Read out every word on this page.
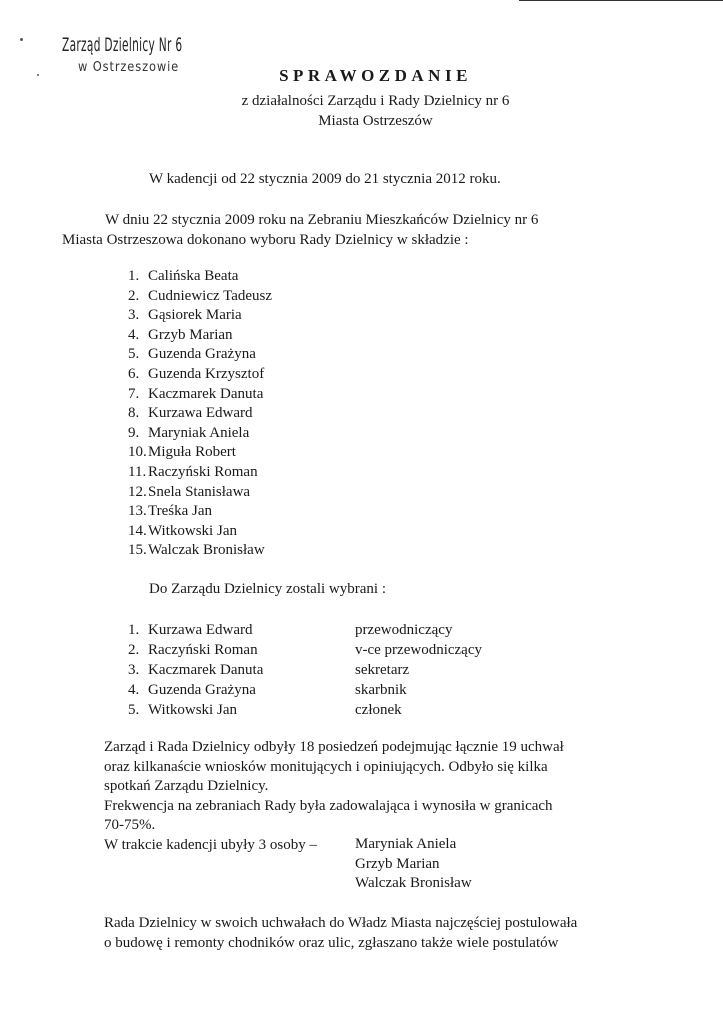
Zarząd Dzielnicy Nr 6
w Ostrzeszowie	SPRAWOZDANIE
z działalności Zarządu i Rady Dzielnicy nr 6
Miasta Ostrzeszów
W kadencji od 22 stycznia 2009 do 21 stycznia 2012 roku.
W dniu 22 stycznia 2009 roku na Zebraniu Mieszkańców Dzielnicy nr 6
Miasta Ostrzeszowa dokonano wyboru Rady Dzielnicy w składzie :
1. Calińska Beata
2. Cudniewicz Tadeusz
3. Gąsiorek Maria
4. Grzyb Marian
5. Guzenda Grażyna
6. Guzenda Krzysztof
7. Kaczmarek Danuta
8. Kurzawa Edward
9. Maryniak Aniela
10.Miguła Robert
11. Raczyński Roman
12.Snela Stanisława
13.Treśka Jan
14.Witkowski Jan
15.Walczak Bronisław
Do Zarządu Dzielnicy zostali wybrani :
1. Kurzawa Edward	przewodniczący
2. Raczyński Roman	v-ce przewodniczący
3. Kaczmarek Danuta	sekretarz
4. Guzenda Grażyna	skarbnik
5. Witkowski Jan	członek
Zarząd i Rada Dzielnicy odbyły 18 posiedzeń podejmując łącznie 19 uchwał
oraz kilkanaście wniosków monitujących i opiniujących. Odbyło się kilka
spotkań Zarządu Dzielnicy.
Frekwencja na zebraniach Rady była zadowalająca i wynosiła w granicach
70-75%.
W trakcie kadencji ubyły 3 osoby –	Maryniak Aniela
Grzyb Marian
Walczak Bronisław
Rada Dzielnicy w swoich uchwałach do Władz Miasta najczęściej postulowała
o budowę i remonty chodników oraz ulic, zgłaszano także wiele postulatów
